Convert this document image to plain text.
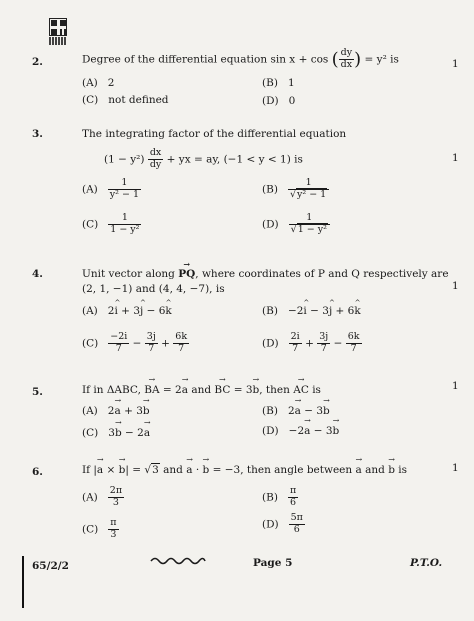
2.	Degree of the differential equation sin x + cos ( $\frac{dy}{dx}$ ) = y² is	1
(A) 2	(B) 1
(C) not defined	(D) 0
3.	The integrating factor of the differential equation
$(1 - y^2) \frac{dx}{dy}$ + yx = ay, (−1 < y < 1) is	1
$(A) \frac{1}{\text{y² − 1}}$	$(B) \frac{1}{\text{√y² − 1}}$
$(C) \frac{1}{\text{1 − y²}}$	$(D) \frac{1}{\text{√1 − y²}}$
4.	Unit vector along PQ →, where coordinates of P and Q respectively are
(2, 1, −1) and (4, 4, −7), is	1
(A) 2i ^ + 3j ^ − 6k ^	(B) −2i ^ − 3j ^ + 6k ^
$(C) \frac{-2i}{7} - \frac{3j}{7} + \frac{6k}{7}$	$(D) \frac{2i}{7} + \frac{3j}{7} - \frac{6k}{7}$
5.	If in ΔABC, BA → = 2a → and BC → = 3b →, then AC → is	1
(A) 2a → + 3b →	(B) 2a → − 3b →
(C) 3b → − 2a →	(D) −2a → − 3b →
6.	If |a → × b →| = √3 and a → · b → = −3, then angle between a → and b → is	1
$(A) \frac{2\pi}{3}$	$(B) \frac{\pi}{6}$
$(C) \frac{\pi}{3}$	$(D) \frac{5\pi}{6}$
65/2/2	Page 5	P.T.O.
